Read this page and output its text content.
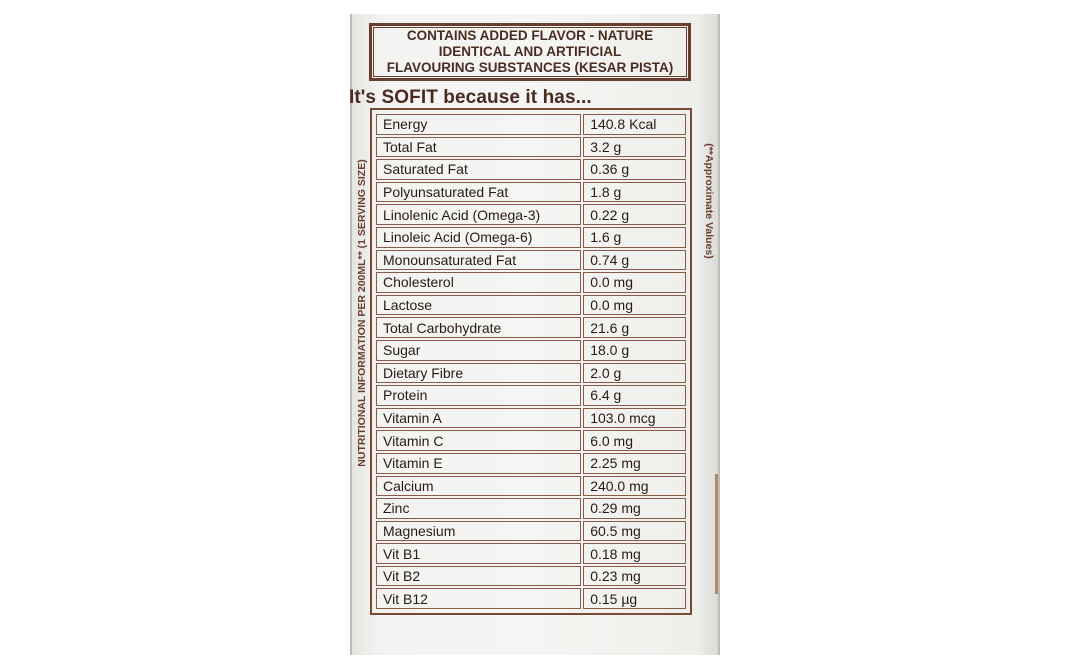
CONTAINS ADDED FLAVOR - NATURE
IDENTICAL AND ARTIFICIAL
FLAVOURING SUBSTANCES (KESAR PISTA)
It's SOFIT because it has...
NUTRITIONAL INFORMATION PER 200ML** (1 SERVING SIZE)	(**Approximate Values)
Energy	140.8 Kcal
Total Fat	3.2 g
Saturated Fat	0.36 g
Polyunsaturated Fat	1.8 g
Linolenic Acid (Omega-3)	0.22 g
Linoleic Acid (Omega-6)	1.6 g
Monounsaturated Fat	0.74 g
Cholesterol	0.0 mg
Lactose	0.0 mg
Total Carbohydrate	21.6 g
Sugar	18.0 g
Dietary Fibre	2.0 g
Protein	6.4 g
Vitamin A	103.0 mcg
Vitamin C	6.0 mg
Vitamin E	2.25 mg
Calcium	240.0 mg
Zinc	0.29 mg
Magnesium	60.5 mg
Vit B1	0.18 mg
Vit B2	0.23 mg
Vit B12	0.15 µg
